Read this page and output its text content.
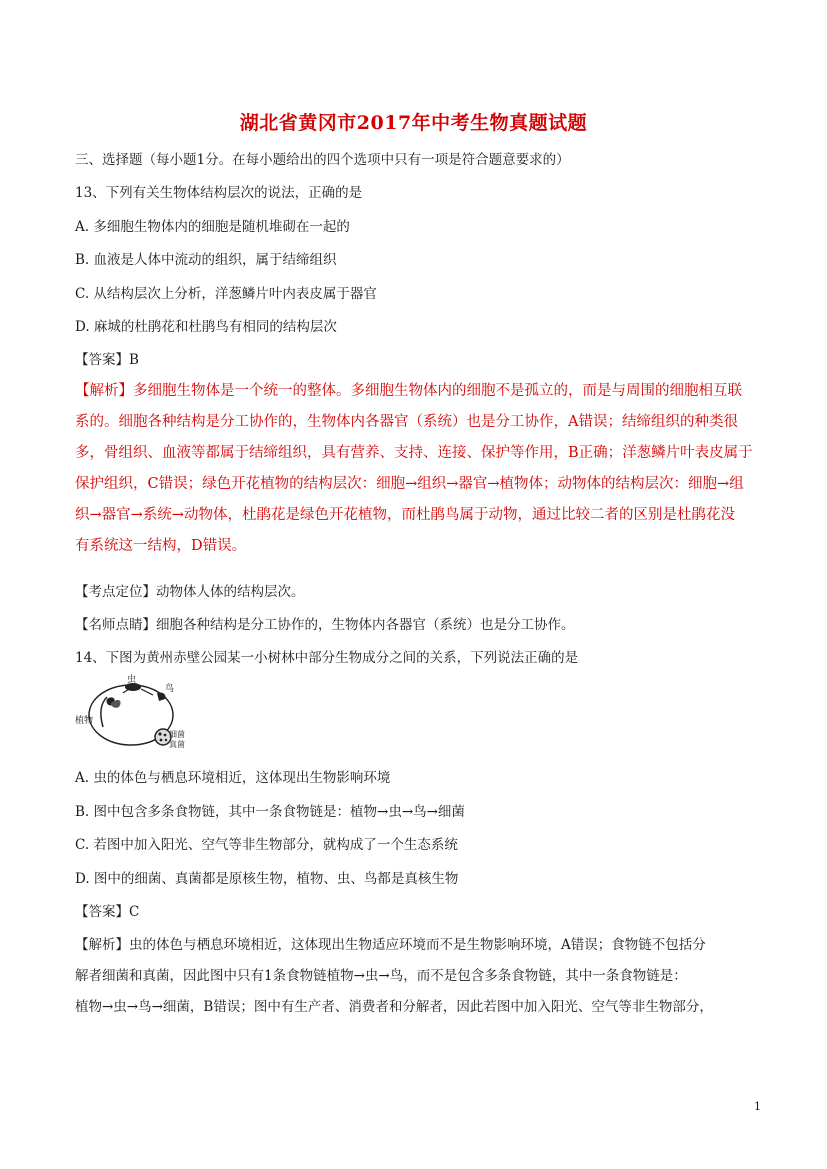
湖北省黄冈市2017年中考生物真题试题
三、选择题（每小题1分。在每小题给出的四个选项中只有一项是符合题意要求的）
13、下列有关生物体结构层次的说法，正确的是
A. 多细胞生物体内的细胞是随机堆砌在一起的
B. 血液是人体中流动的组织，属于结缔组织
C. 从结构层次上分析，洋葱鳞片叶内表皮属于器官
D. 麻城的杜鹃花和杜鹃鸟有相同的结构层次
【答案】B
【解析】多细胞生物体是一个统一的整体。多细胞生物体内的细胞不是孤立的，而是与周围的细胞相互联
系的。细胞各种结构是分工协作的，生物体内各器官（系统）也是分工协作，A错误；结缔组织的种类很
多，骨组织、血液等都属于结缔组织，具有营养、支持、连接、保护等作用，B正确；洋葱鳞片叶表皮属于
保护组织，C错误；绿色开花植物的结构层次：细胞→组织→器官→植物体；动物体的结构层次：细胞→组
织→器官→系统→动物体，杜鹃花是绿色开花植物，而杜鹃鸟属于动物，通过比较二者的区别是杜鹃花没
有系统这一结构，D错误。
【考点定位】动物体人体的结构层次。
【名师点睛】细胞各种结构是分工协作的，生物体内各器官（系统）也是分工协作。
14、下图为黄州赤壁公园某一小树林中部分生物成分之间的关系，下列说法正确的是
虫
鸟
植物
细菌
真菌
A. 虫的体色与栖息环境相近，这体现出生物影响环境
B. 图中包含多条食物链，其中一条食物链是：植物→虫→鸟→细菌
C. 若图中加入阳光、空气等非生物部分，就构成了一个生态系统
D. 图中的细菌、真菌都是原核生物，植物、虫、鸟都是真核生物
【答案】C
【解析】虫的体色与栖息环境相近，这体现出生物适应环境而不是生物影响环境，A错误；食物链不包括分
解者细菌和真菌，因此图中只有1条食物链植物→虫→鸟，而不是包含多条食物链，其中一条食物链是：
植物→虫→鸟→细菌，B错误；图中有生产者、消费者和分解者，因此若图中加入阳光、空气等非生物部分，
1
